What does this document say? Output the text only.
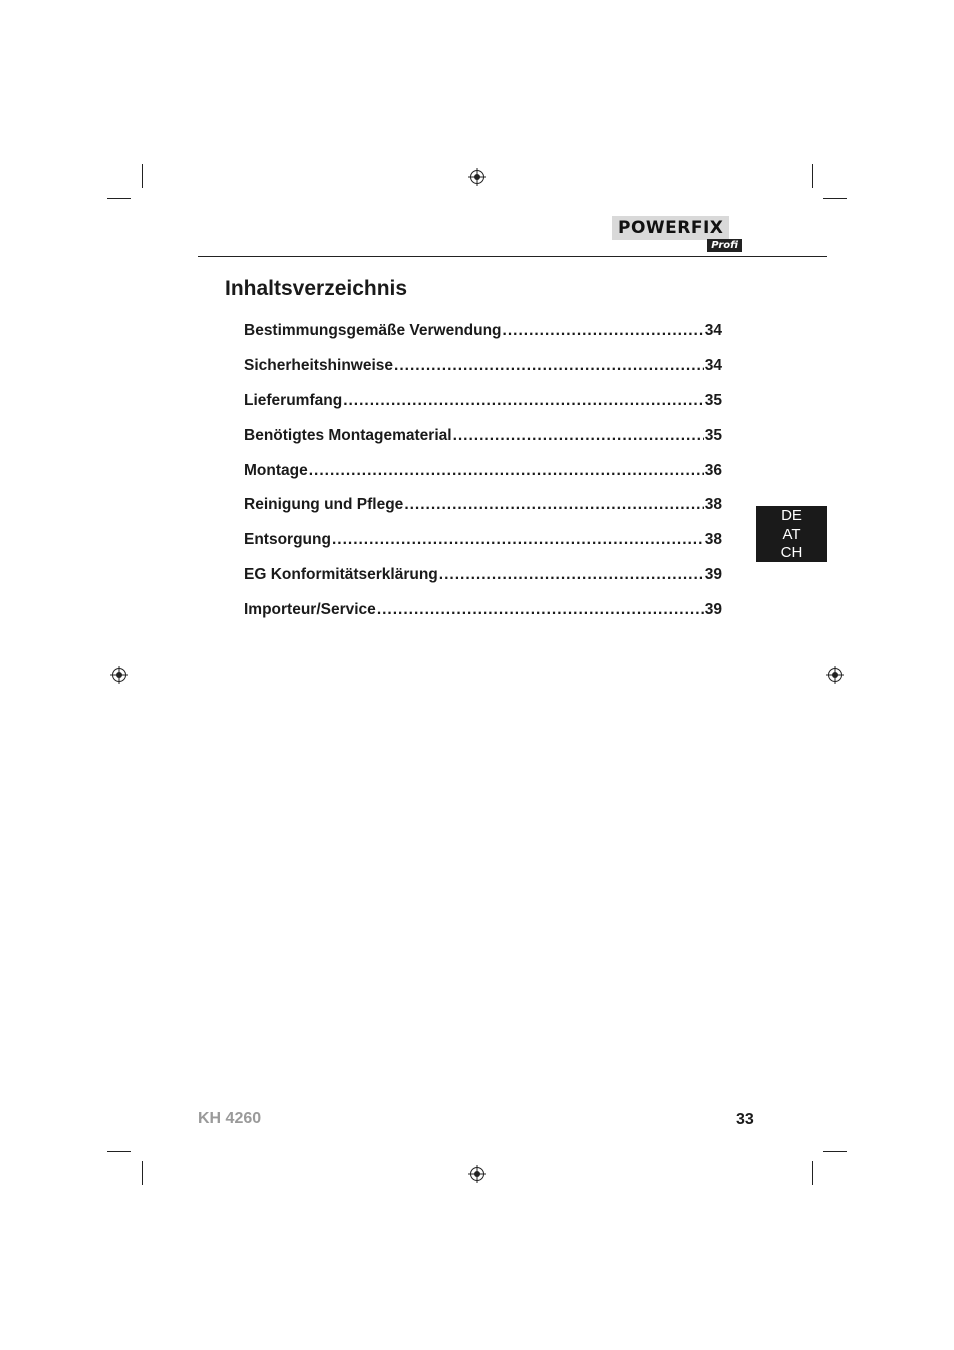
POWERFIX
Profi
Inhaltsverzeichnis
Bestimmungsgemäße Verwendung .....	34
Sicherheitshinweise .....	34
Lieferumfang .....	35
Benötigtes Montagematerial .....	35
Montage .....	36
Reinigung und Pflege .....	38
Entsorgung .....	38
EG Konformitätserklärung .....	39
Importeur/Service .....	39
DE
AT
CH
KH 4260	33
